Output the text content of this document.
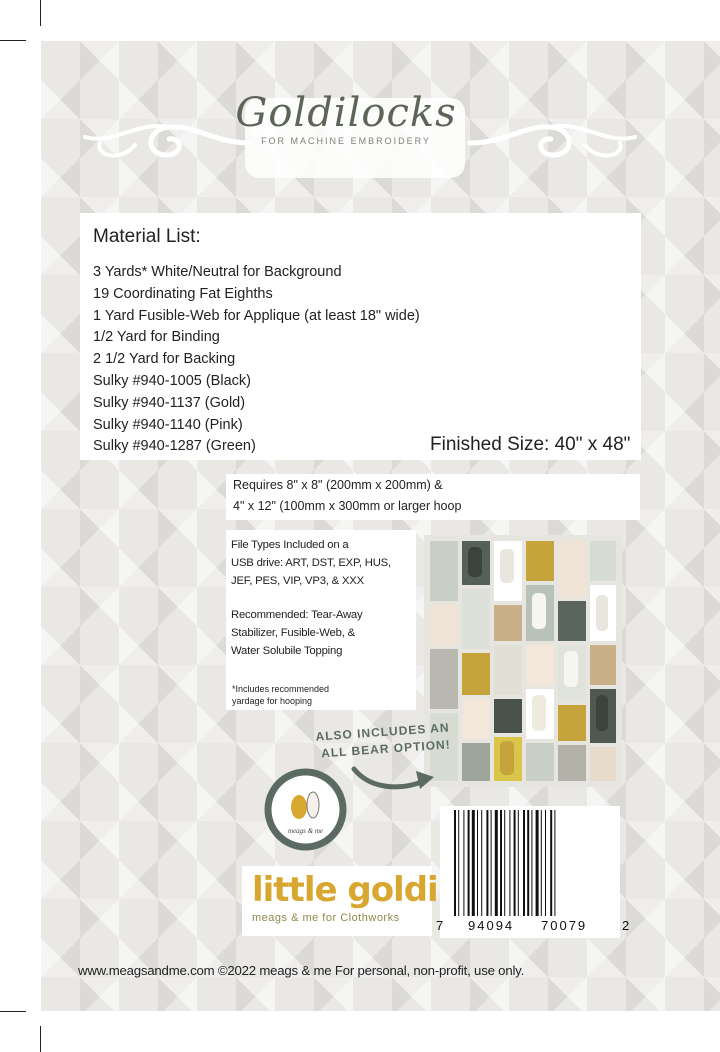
Goldilocks
FOR MACHINE EMBROIDERY
Material List:
3 Yards* White/Neutral for Background
19 Coordinating Fat Eighths
1 Yard Fusible-Web for Applique (at least 18" wide)
1/2 Yard for Binding
2 1/2 Yard for Backing
Sulky #940-1005 (Black)
Sulky #940-1137 (Gold)
Sulky #940-1140 (Pink)
Sulky #940-1287 (Green)	Finished Size: 40" x 48"
Requires 8" x 8" (200mm x 200mm) &
4" x 12" (100mm x 300mm or larger hoop
File Types Included on a
USB drive: ART, DST, EXP, HUS,
JEF, PES, VIP, VP3, & XXX
Recommended: Tear-Away
Stabilizer, Fusible-Web, &
Water Solubile Topping
*Includes recommended
yardage for hooping
ALSO INCLUDES AN
ALL BEAR OPTION!
meags & me
little goldi
meags & me for Clothworks	7 94094 70079	2
www.meagsandme.com ©2022 meags & me For personal, non-profit, use only.
